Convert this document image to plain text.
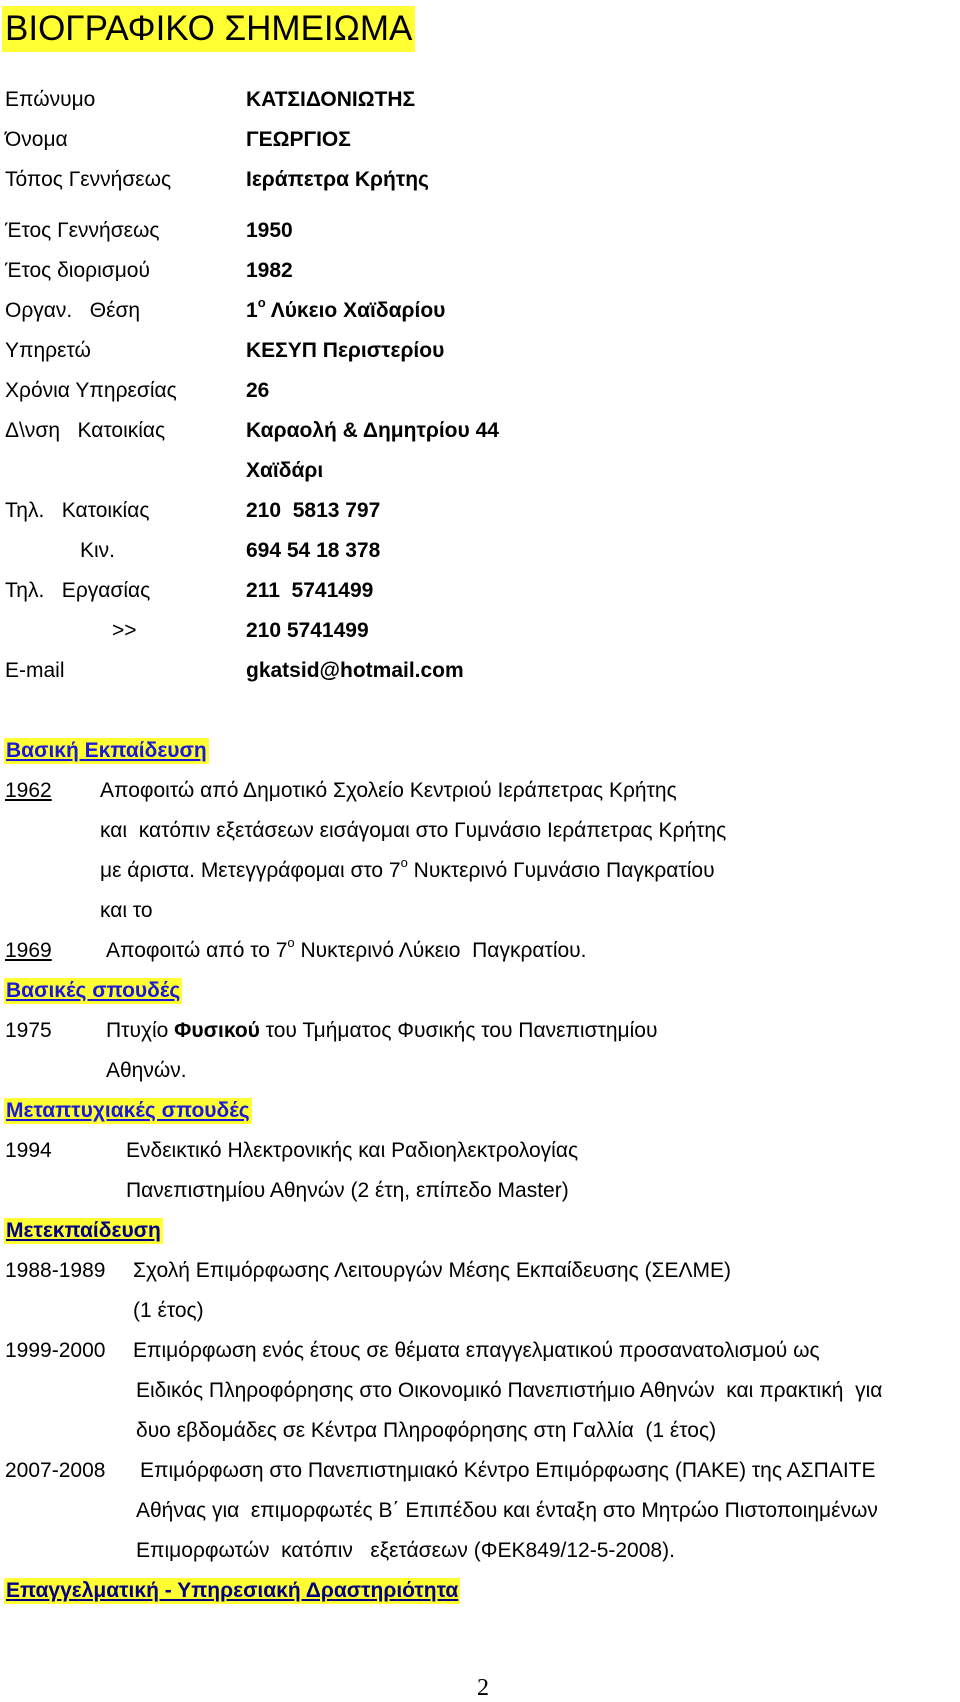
ΒΙΟΓΡΑΦΙΚΟ ΣΗΜΕΙΩΜΑ
Επώνυμο	ΚΑΤΣΙΔΟΝΙΩΤΗΣ
Όνομα	ΓΕΩΡΓΙΟΣ
Τόπος Γεννήσεως	Ιεράπετρα Κρήτης
Έτος Γεννήσεως	1950
Έτος διορισμού	1982
Οργαν.   Θέση	$1^o$ Λύκειο Χαϊδαρίου
Υπηρετώ	ΚΕΣΥΠ Περιστερίου
Χρόνια Υπηρεσίας	26
Δ\νση   Κατοικίας	Καραολή & Δημητρίου 44
Χαϊδάρι
Τηλ.   Κατοικίας	210  5813 797
Κιν.	694 54 18 378
Τηλ.   Εργασίας	211  5741499
>>	210 5741499
E-mail	gkatsid@hotmail.com
Βασική Εκπαίδευση
1962	Αποφοιτώ από Δημοτικό Σχολείο Κεντριού Ιεράπετρας Κρήτης
και  κατόπιν εξετάσεων εισάγομαι στο Γυμνάσιο Ιεράπετρας Κρήτης
με άριστα. Μετεγγράφομαι στο $7^o$ Νυκτερινό Γυμνάσιο Παγκρατίου
και το
1969	Αποφοιτώ από το $7^o$ Νυκτερινό Λύκειο  Παγκρατίου.
Βασικές σπουδές
1975	Πτυχίο Φυσικού του Τμήματος Φυσικής του Πανεπιστημίου
Αθηνών.
Μεταπτυχιακές σπουδές
1994	Ενδεικτικό Ηλεκτρονικής και Ραδιοηλεκτρολογίας
Πανεπιστημίου Αθηνών (2 έτη, επίπεδο Master)
Μετεκπαίδευση
1988-1989 Σχολή Επιμόρφωσης Λειτουργών Μέσης Εκπαίδευσης (ΣΕΛΜΕ)
(1 έτος)
1999-2000 Επιμόρφωση ενός έτους σε θέματα επαγγελματικού προσανατολισμού ως
Ειδικός Πληροφόρησης στο Οικονομικό Πανεπιστήμιο Αθηνών  και πρακτική  για
δυο εβδομάδες σε Κέντρα Πληροφόρησης στη Γαλλία  (1 έτος)
2007-2008 Επιμόρφωση στο Πανεπιστημιακό Κέντρο Επιμόρφωσης (ΠΑΚΕ) της ΑΣΠΑΙΤΕ
Αθήνας για  επιμορφωτές Β΄ Επιπέδου και ένταξη στο Μητρώο Πιστοποιημένων
Επιμορφωτών  κατόπιν   εξετάσεων (ΦΕΚ849/12-5-2008).
Επαγγελματική - Υπηρεσιακή Δραστηριότητα
2
